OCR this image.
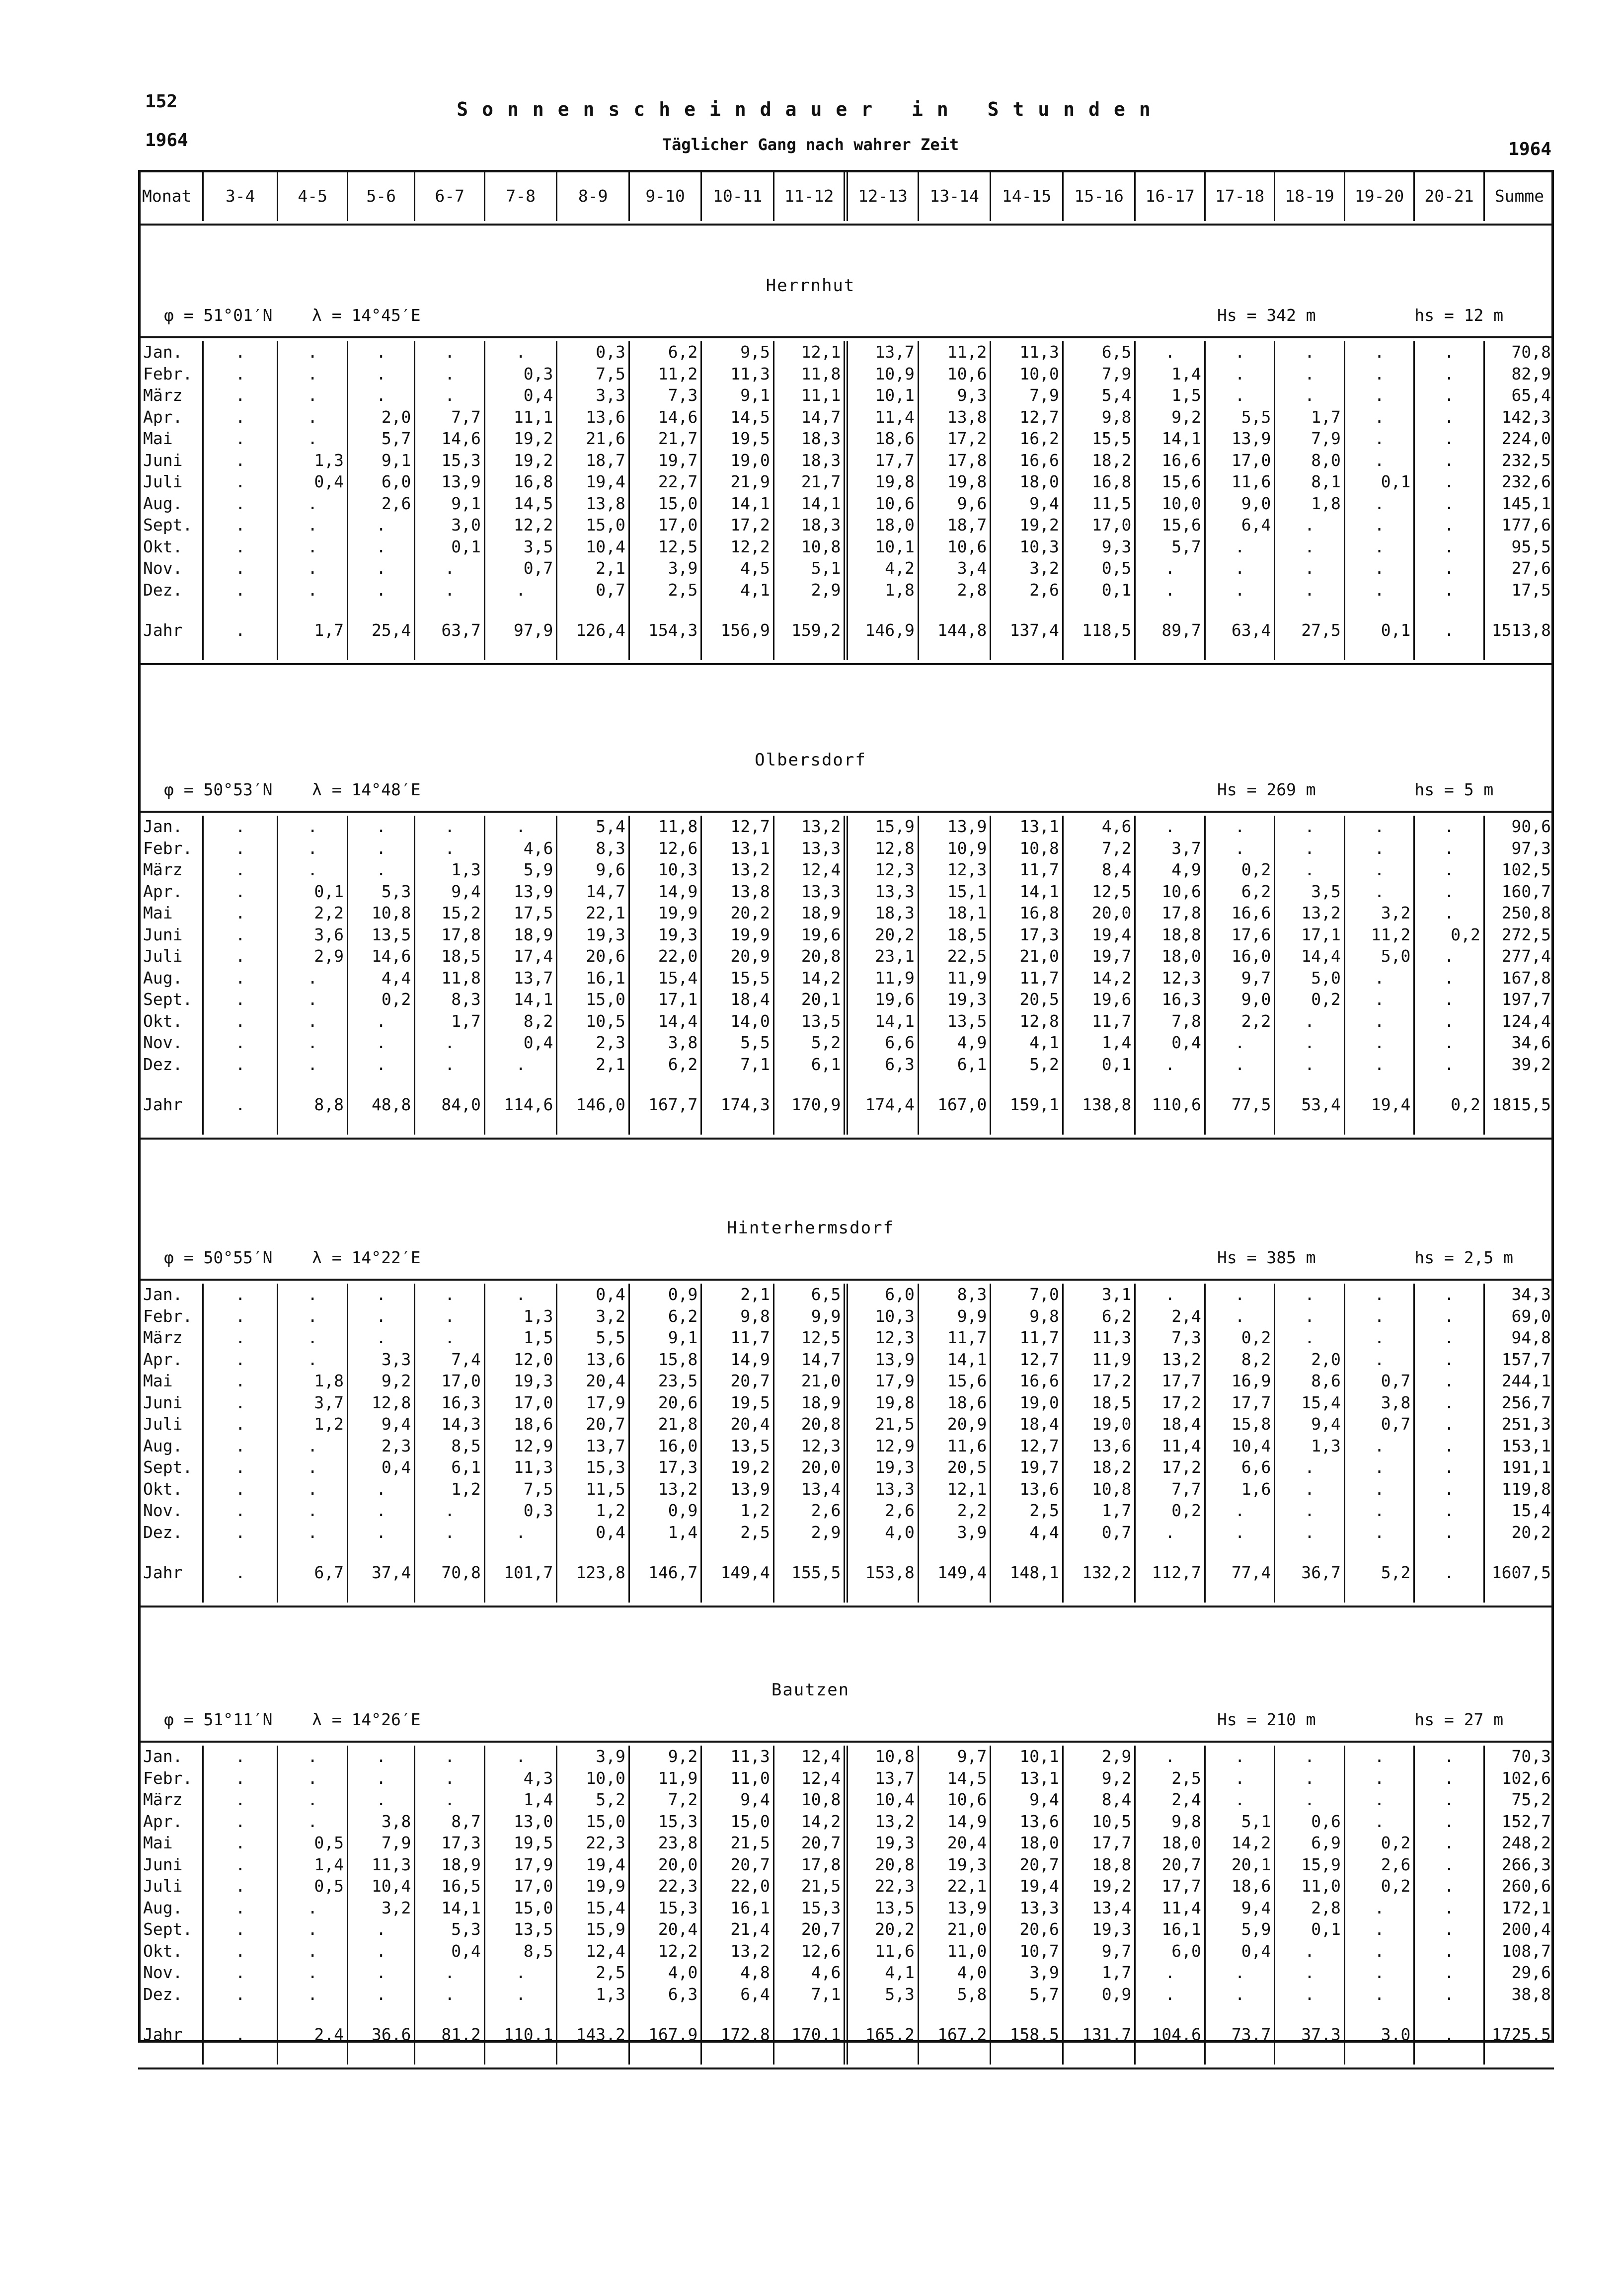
152
1964
Sonnenscheindauer in Stunden
Täglicher Gang nach wahrer Zeit	1964
Monat	3-4	4-5	5-6	6-7	7-8	8-9	9-10	10-11	11-12	12-13	13-14	14-15	15-16	16-17	17-18	18-19	19-20	20-21	Summe
Herrnhut
φ = 51°01′N    λ = 14°45′E	Hs = 342 m          hs = 12 m
Jan.	.	.	.	.	.	0,3	6,2	9,5	12,1	13,7	11,2	11,3	6,5	.	.	.	.	.	70,8
Febr.	.	.	.	.	0,3	7,5	11,2	11,3	11,8	10,9	10,6	10,0	7,9	1,4	.	.	.	.	82,9
März	.	.	.	.	0,4	3,3	7,3	9,1	11,1	10,1	9,3	7,9	5,4	1,5	.	.	.	.	65,4
Apr.	.	.	2,0	7,7	11,1	13,6	14,6	14,5	14,7	11,4	13,8	12,7	9,8	9,2	5,5	1,7	.	.	142,3
Mai	.	.	5,7	14,6	19,2	21,6	21,7	19,5	18,3	18,6	17,2	16,2	15,5	14,1	13,9	7,9	.	.	224,0
Juni	.	1,3	9,1	15,3	19,2	18,7	19,7	19,0	18,3	17,7	17,8	16,6	18,2	16,6	17,0	8,0	.	.	232,5
Juli	.	0,4	6,0	13,9	16,8	19,4	22,7	21,9	21,7	19,8	19,8	18,0	16,8	15,6	11,6	8,1	0,1	.	232,6
Aug.	.	.	2,6	9,1	14,5	13,8	15,0	14,1	14,1	10,6	9,6	9,4	11,5	10,0	9,0	1,8	.	.	145,1
Sept.	.	.	.	3,0	12,2	15,0	17,0	17,2	18,3	18,0	18,7	19,2	17,0	15,6	6,4	.	.	.	177,6
Okt.	.	.	.	0,1	3,5	10,4	12,5	12,2	10,8	10,1	10,6	10,3	9,3	5,7	.	.	.	.	95,5
Nov.	.	.	.	.	0,7	2,1	3,9	4,5	5,1	4,2	3,4	3,2	0,5	.	.	.	.	.	27,6
Dez.	.	.	.	.	.	0,7	2,5	4,1	2,9	1,8	2,8	2,6	0,1	.	.	.	.	.	17,5
Jahr	.	1,7	25,4	63,7	97,9	126,4	154,3	156,9	159,2	146,9	144,8	137,4	118,5	89,7	63,4	27,5	0,1	.	1513,8
Olbersdorf
φ = 50°53′N    λ = 14°48′E	Hs = 269 m          hs = 5 m
Jan.	.	.	.	.	.	5,4	11,8	12,7	13,2	15,9	13,9	13,1	4,6	.	.	.	.	.	90,6
Febr.	.	.	.	.	4,6	8,3	12,6	13,1	13,3	12,8	10,9	10,8	7,2	3,7	.	.	.	.	97,3
März	.	.	.	1,3	5,9	9,6	10,3	13,2	12,4	12,3	12,3	11,7	8,4	4,9	0,2	.	.	.	102,5
Apr.	.	0,1	5,3	9,4	13,9	14,7	14,9	13,8	13,3	13,3	15,1	14,1	12,5	10,6	6,2	3,5	.	.	160,7
Mai	.	2,2	10,8	15,2	17,5	22,1	19,9	20,2	18,9	18,3	18,1	16,8	20,0	17,8	16,6	13,2	3,2	.	250,8
Juni	.	3,6	13,5	17,8	18,9	19,3	19,3	19,9	19,6	20,2	18,5	17,3	19,4	18,8	17,6	17,1	11,2	0,2	272,5
Juli	.	2,9	14,6	18,5	17,4	20,6	22,0	20,9	20,8	23,1	22,5	21,0	19,7	18,0	16,0	14,4	5,0	.	277,4
Aug.	.	.	4,4	11,8	13,7	16,1	15,4	15,5	14,2	11,9	11,9	11,7	14,2	12,3	9,7	5,0	.	.	167,8
Sept.	.	.	0,2	8,3	14,1	15,0	17,1	18,4	20,1	19,6	19,3	20,5	19,6	16,3	9,0	0,2	.	.	197,7
Okt.	.	.	.	1,7	8,2	10,5	14,4	14,0	13,5	14,1	13,5	12,8	11,7	7,8	2,2	.	.	.	124,4
Nov.	.	.	.	.	0,4	2,3	3,8	5,5	5,2	6,6	4,9	4,1	1,4	0,4	.	.	.	.	34,6
Dez.	.	.	.	.	.	2,1	6,2	7,1	6,1	6,3	6,1	5,2	0,1	.	.	.	.	.	39,2
Jahr	.	8,8	48,8	84,0	114,6	146,0	167,7	174,3	170,9	174,4	167,0	159,1	138,8	110,6	77,5	53,4	19,4	0,2	1815,5
Hinterhermsdorf
φ = 50°55′N    λ = 14°22′E	Hs = 385 m          hs = 2,5 m
Jan.	.	.	.	.	.	0,4	0,9	2,1	6,5	6,0	8,3	7,0	3,1	.	.	.	.	.	34,3
Febr.	.	.	.	.	1,3	3,2	6,2	9,8	9,9	10,3	9,9	9,8	6,2	2,4	.	.	.	.	69,0
März	.	.	.	.	1,5	5,5	9,1	11,7	12,5	12,3	11,7	11,7	11,3	7,3	0,2	.	.	.	94,8
Apr.	.	.	3,3	7,4	12,0	13,6	15,8	14,9	14,7	13,9	14,1	12,7	11,9	13,2	8,2	2,0	.	.	157,7
Mai	.	1,8	9,2	17,0	19,3	20,4	23,5	20,7	21,0	17,9	15,6	16,6	17,2	17,7	16,9	8,6	0,7	.	244,1
Juni	.	3,7	12,8	16,3	17,0	17,9	20,6	19,5	18,9	19,8	18,6	19,0	18,5	17,2	17,7	15,4	3,8	.	256,7
Juli	.	1,2	9,4	14,3	18,6	20,7	21,8	20,4	20,8	21,5	20,9	18,4	19,0	18,4	15,8	9,4	0,7	.	251,3
Aug.	.	.	2,3	8,5	12,9	13,7	16,0	13,5	12,3	12,9	11,6	12,7	13,6	11,4	10,4	1,3	.	.	153,1
Sept.	.	.	0,4	6,1	11,3	15,3	17,3	19,2	20,0	19,3	20,5	19,7	18,2	17,2	6,6	.	.	.	191,1
Okt.	.	.	.	1,2	7,5	11,5	13,2	13,9	13,4	13,3	12,1	13,6	10,8	7,7	1,6	.	.	.	119,8
Nov.	.	.	.	.	0,3	1,2	0,9	1,2	2,6	2,6	2,2	2,5	1,7	0,2	.	.	.	.	15,4
Dez.	.	.	.	.	.	0,4	1,4	2,5	2,9	4,0	3,9	4,4	0,7	.	.	.	.	.	20,2
Jahr	.	6,7	37,4	70,8	101,7	123,8	146,7	149,4	155,5	153,8	149,4	148,1	132,2	112,7	77,4	36,7	5,2	.	1607,5
Bautzen
φ = 51°11′N    λ = 14°26′E	Hs = 210 m          hs = 27 m
Jan.	.	.	.	.	.	3,9	9,2	11,3	12,4	10,8	9,7	10,1	2,9	.	.	.	.	.	70,3
Febr.	.	.	.	.	4,3	10,0	11,9	11,0	12,4	13,7	14,5	13,1	9,2	2,5	.	.	.	.	102,6
März	.	.	.	.	1,4	5,2	7,2	9,4	10,8	10,4	10,6	9,4	8,4	2,4	.	.	.	.	75,2
Apr.	.	.	3,8	8,7	13,0	15,0	15,3	15,0	14,2	13,2	14,9	13,6	10,5	9,8	5,1	0,6	.	.	152,7
Mai	.	0,5	7,9	17,3	19,5	22,3	23,8	21,5	20,7	19,3	20,4	18,0	17,7	18,0	14,2	6,9	0,2	.	248,2
Juni	.	1,4	11,3	18,9	17,9	19,4	20,0	20,7	17,8	20,8	19,3	20,7	18,8	20,7	20,1	15,9	2,6	.	266,3
Juli	.	0,5	10,4	16,5	17,0	19,9	22,3	22,0	21,5	22,3	22,1	19,4	19,2	17,7	18,6	11,0	0,2	.	260,6
Aug.	.	.	3,2	14,1	15,0	15,4	15,3	16,1	15,3	13,5	13,9	13,3	13,4	11,4	9,4	2,8	.	.	172,1
Sept.	.	.	.	5,3	13,5	15,9	20,4	21,4	20,7	20,2	21,0	20,6	19,3	16,1	5,9	0,1	.	.	200,4
Okt.	.	.	.	0,4	8,5	12,4	12,2	13,2	12,6	11,6	11,0	10,7	9,7	6,0	0,4	.	.	.	108,7
Nov.	.	.	.	.	.	2,5	4,0	4,8	4,6	4,1	4,0	3,9	1,7	.	.	.	.	.	29,6
Dez.	.	.	.	.	.	1,3	6,3	6,4	7,1	5,3	5,8	5,7	0,9	.	.	.	.	.	38,8
Jahr	.	2,4	36,6	81,2	110,1	143,2	167,9	172,8	170,1	165,2	167,2	158,5	131,7	104,6	73,7	37,3	3,0	.	1725,5
